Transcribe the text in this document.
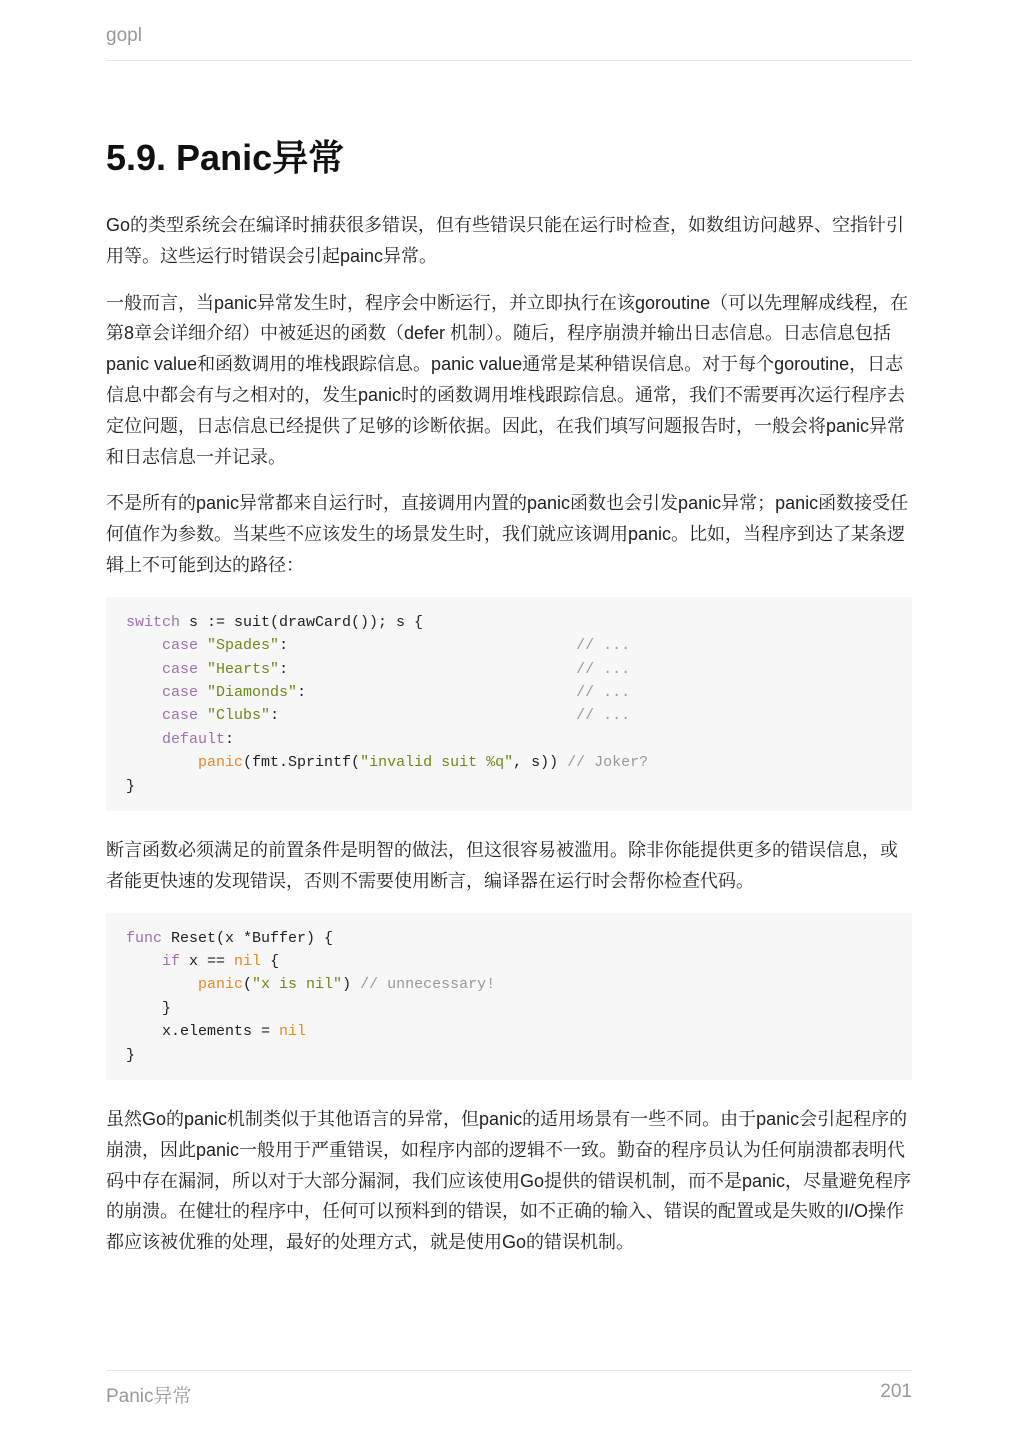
gopl
5.9. Panic异常

Go的类型系统会在编译时捕获很多错误，但有些错误只能在运行时检查，如数组访问越界、空指针引用等。这些运行时错误会引起painc异常。

一般而言，当panic异常发生时，程序会中断运行，并立即执行在该goroutine（可以先理解成线程，在第8章会详细介绍）中被延迟的函数（defer 机制）。随后，程序崩溃并输出日志信息。日志信息包括panic value和函数调用的堆栈跟踪信息。panic value通常是某种错误信息。对于每个goroutine，日志信息中都会有与之相对的，发生panic时的函数调用堆栈跟踪信息。通常，我们不需要再次运行程序去定位问题，日志信息已经提供了足够的诊断依据。因此，在我们填写问题报告时，一般会将panic异常和日志信息一并记录。

不是所有的panic异常都来自运行时，直接调用内置的panic函数也会引发panic异常；panic函数接受任何值作为参数。当某些不应该发生的场景发生时，我们就应该调用panic。比如，当程序到达了某条逻辑上不可能到达的路径：

switch s := suit(drawCard()); s {
case "Spades":                                // ...
case "Hearts":                                // ...
case "Diamonds":                              // ...
case "Clubs":                                 // ...
default:
panic(fmt.Sprintf("invalid suit %q", s)) // Joker?
}

断言函数必须满足的前置条件是明智的做法，但这很容易被滥用。除非你能提供更多的错误信息，或者能更快速的发现错误，否则不需要使用断言，编译器在运行时会帮你检查代码。

func Reset(x *Buffer) {
if x == nil {
panic("x is nil") // unnecessary!
}
x.elements = nil
}

虽然Go的panic机制类似于其他语言的异常，但panic的适用场景有一些不同。由于panic会引起程序的崩溃，因此panic一般用于严重错误，如程序内部的逻辑不一致。勤奋的程序员认为任何崩溃都表明代码中存在漏洞，所以对于大部分漏洞，我们应该使用Go提供的错误机制，而不是panic，尽量避免程序的崩溃。在健壮的程序中，任何可以预料到的错误，如不正确的输入、错误的配置或是失败的I/O操作都应该被优雅的处理，最好的处理方式，就是使用Go的错误机制。

Panic异常	201
